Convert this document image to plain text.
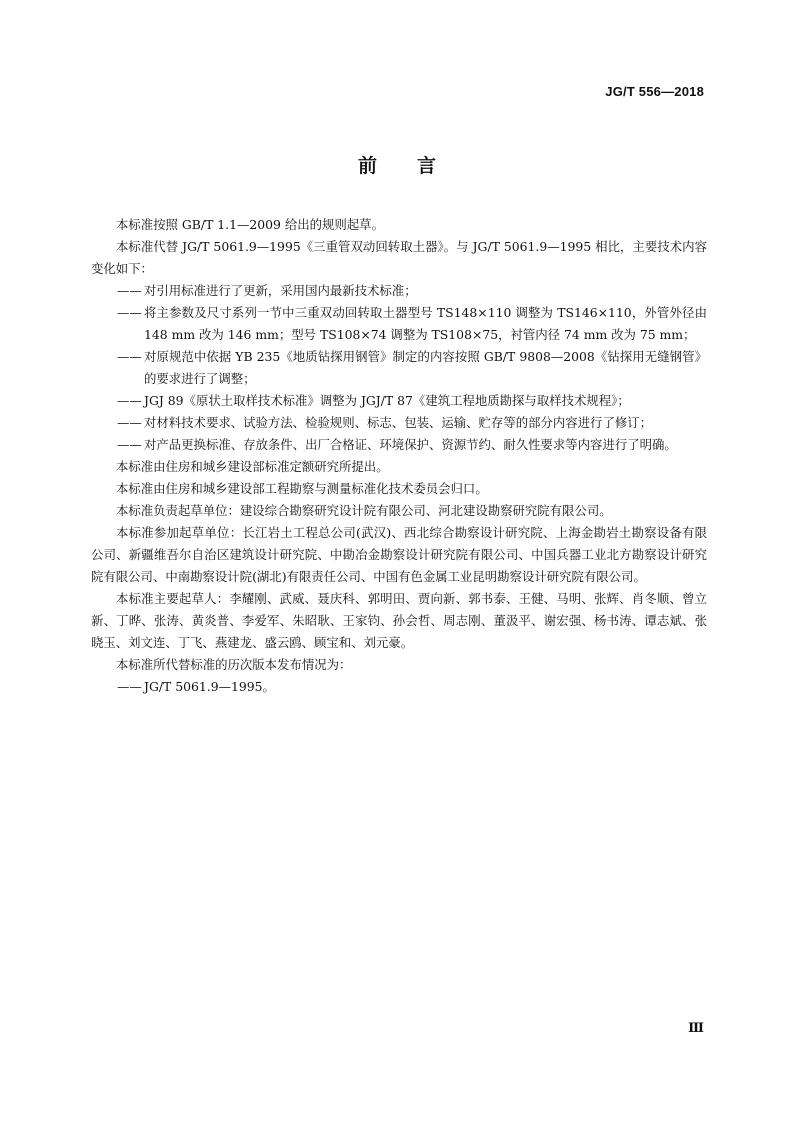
JG/T 556—2018
前言

本标准按照 GB/T 1.1—2009 给出的规则起草。

本标准代替 JG/T 5061.9—1995《三重管双动回转取土器》。与 JG/T 5061.9—1995 相比，主要技术内容变化如下：

—— 对引用标准进行了更新，采用国内最新技术标准；

—— 将主参数及尺寸系列一节中三重双动回转取土器型号 TS148×110 调整为 TS146×110，外管外径由 148 mm 改为 146 mm；型号 TS108×74 调整为 TS108×75，衬管内径 74 mm 改为 75 mm；

—— 对原规范中依据 YB 235《地质钻探用钢管》制定的内容按照 GB/T 9808—2008《钻探用无缝钢管》的要求进行了调整；

—— JGJ 89《原状土取样技术标准》调整为 JGJ/T 87《建筑工程地质勘探与取样技术规程》；

—— 对材料技术要求、试验方法、检验规则、标志、包装、运输、贮存等的部分内容进行了修订；

—— 对产品更换标准、存放条件、出厂合格证、环境保护、资源节约、耐久性要求等内容进行了明确。

本标准由住房和城乡建设部标准定额研究所提出。

本标准由住房和城乡建设部工程勘察与测量标准化技术委员会归口。

本标准负责起草单位：建设综合勘察研究设计院有限公司、河北建设勘察研究院有限公司。

本标准参加起草单位：长江岩土工程总公司(武汉)、西北综合勘察设计研究院、上海金勘岩土勘察设备有限公司、新疆维吾尔自治区建筑设计研究院、中勘冶金勘察设计研究院有限公司、中国兵器工业北方勘察设计研究院有限公司、中南勘察设计院(湖北)有限责任公司、中国有色金属工业昆明勘察设计研究院有限公司。

本标准主要起草人：李耀刚、武威、聂庆科、郭明田、贾向新、郭书泰、王健、马明、张辉、肖冬顺、曾立新、丁晔、张涛、黄炎普、李爱军、朱昭耿、王家钧、孙会哲、周志刚、董汲平、谢宏强、杨书涛、谭志斌、张晓玉、刘文连、丁飞、燕建龙、盛云鸥、顾宝和、刘元豪。

本标准所代替标准的历次版本发布情况为：

—— JG/T 5061.9—1995。

Ⅲ
